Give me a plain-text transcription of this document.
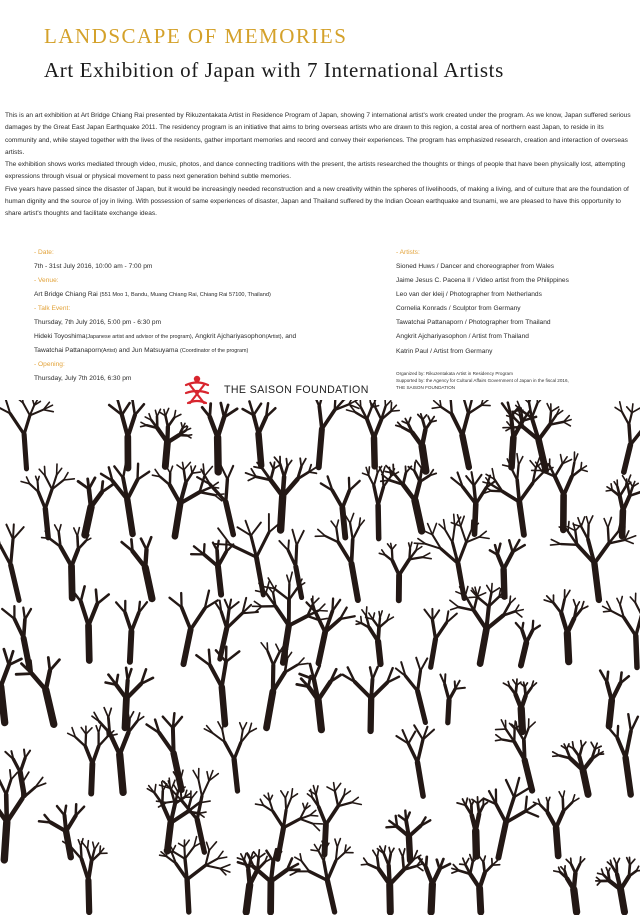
LANDSCAPE OF MEMORIES
Art Exhibition of Japan with 7 International Artists

This is an art exhibition at Art Bridge Chiang Rai presented by Rikuzentakata Artist in Residence Program of Japan, showing 7 international artist's work created under the program. As we know, Japan suffered serious damages by the Great East Japan Earthquake 2011. The residency program is an initiative that aims to bring overseas artists who are drawn to this region, a costal area of northern east Japan, to reside in its community and, while stayed together with the lives of the residents, gather important memories and record and convey their experiences. The program has emphasized research, creation and interaction of overseas artists.

The exhibition shows works mediated through video, music, photos, and dance connecting traditions with the present, the artists researched the thoughts or things of people that have been physically lost, attempting expressions through visual or physical movement to pass next generation behind subtle memories.

Five years have passed since the disaster of Japan, but it would be increasingly needed reconstruction and a new creativity within the spheres of livelihoods, of making a living, and of culture that are the foundation of human dignity and the source of joy in living. With possession of same experiences of disaster, Japan and Thailand suffered by the Indian Ocean earthquake and tsunami, we are pleased to have this opportunity to share artist's thoughts and facilitate exchange ideas.

- Date:
7th - 31st July 2016, 10:00 am - 7:00 pm
- Venue:
Art Bridge Chiang Rai (551 Moo 1, Bandu, Muang Chiang Rai, Chiang Rai 57100, Thailand)
- Talk Event:
Thursday, 7th July 2016, 5:00 pm - 6:30 pm
Hideki Toyoshima(Japanese artist and advisor of the program), Angkrit Ajchariyasophon(Artist), and
Tawatchai Pattanaporn(Artist) and Jun Matsuyama (Coordinator of the program)
- Opening:
Thursday, July 7th 2016, 6:30 pm
- Artists:
Sioned Huws / Dancer and choreographer from Wales
Jaime Jesus C. Pacena II / Video artist from the Philippines
Leo van der kleij / Photographer from Netherlands
Cornelia Konrads / Sculptor from Germany
Tawatchai Pattanaporn / Photographer from Thailand
Angkrit Ajchariyasophon / Artist from Thailand
Katrin Paul / Artist from Germany
Organized by: Rikuzentakata Artist in Residency Program
Supported by: the Agency for Cultural Affairs Government of Japan in the fiscal 2016,
THE SAISON FOUNDATION
THE SAISON FOUNDATION
